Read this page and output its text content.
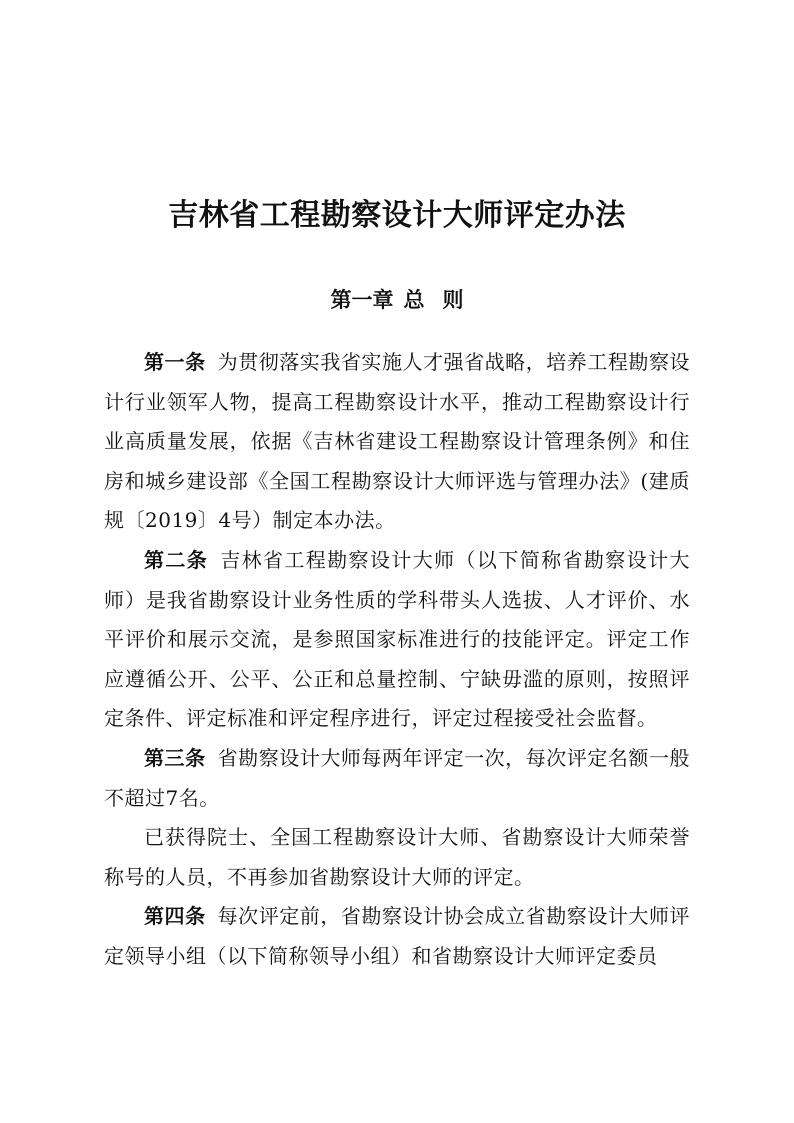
吉林省工程勘察设计大师评定办法
第一章 总 则

第一条 为贯彻落实我省实施人才强省战略，培养工程勘察设计行业领军人物，提高工程勘察设计水平，推动工程勘察设计行业高质量发展，依据《吉林省建设工程勘察设计管理条例》和住房和城乡建设部《全国工程勘察设计大师评选与管理办法》(建质规〔2019〕4号）制定本办法。

第二条 吉林省工程勘察设计大师（以下简称省勘察设计大师）是我省勘察设计业务性质的学科带头人选拔、人才评价、水平评价和展示交流，是参照国家标准进行的技能评定。评定工作应遵循公开、公平、公正和总量控制、宁缺毋滥的原则，按照评定条件、评定标准和评定程序进行，评定过程接受社会监督。

第三条 省勘察设计大师每两年评定一次，每次评定名额一般不超过7名。

已获得院士、全国工程勘察设计大师、省勘察设计大师荣誉称号的人员，不再参加省勘察设计大师的评定。

第四条 每次评定前，省勘察设计协会成立省勘察设计大师评定领导小组（以下简称领导小组）和省勘察设计大师评定委员
